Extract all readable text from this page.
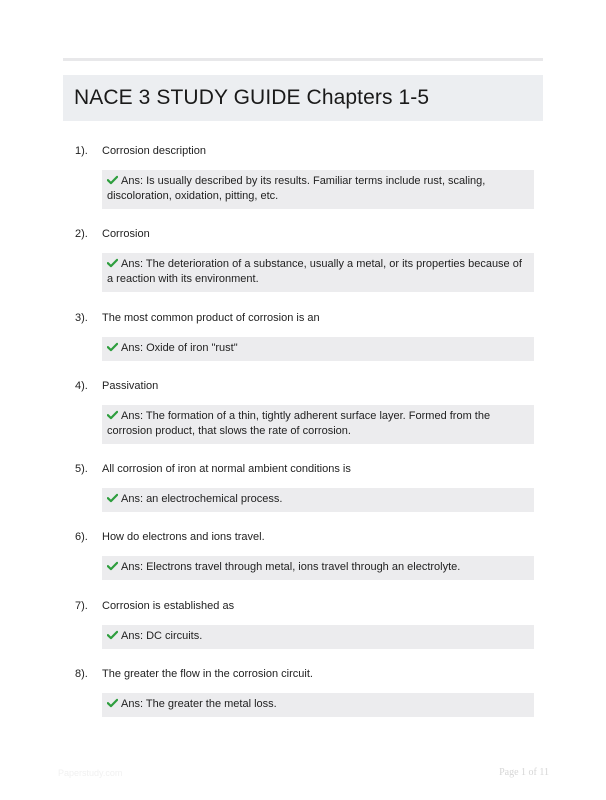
NACE 3 STUDY GUIDE Chapters 1-5
1). Corrosion description
Ans: Is usually described by its results. Familiar terms include rust, scaling, discoloration, oxidation, pitting, etc.
2). Corrosion
Ans: The deterioration of a substance, usually a metal, or its properties because of a reaction with its environment.
3). The most common product of corrosion is an
Ans: Oxide of iron "rust"
4). Passivation
Ans: The formation of a thin, tightly adherent surface layer. Formed from the corrosion product, that slows the rate of corrosion.
5). All corrosion of iron at normal ambient conditions is
Ans: an electrochemical process.
6). How do electrons and ions travel.
Ans: Electrons travel through metal, ions travel through an electrolyte.
7). Corrosion is established as
Ans: DC circuits.
8). The greater the flow in the corrosion circuit.
Ans: The greater the metal loss.
Paperstudy.com	Page 1 of 11
